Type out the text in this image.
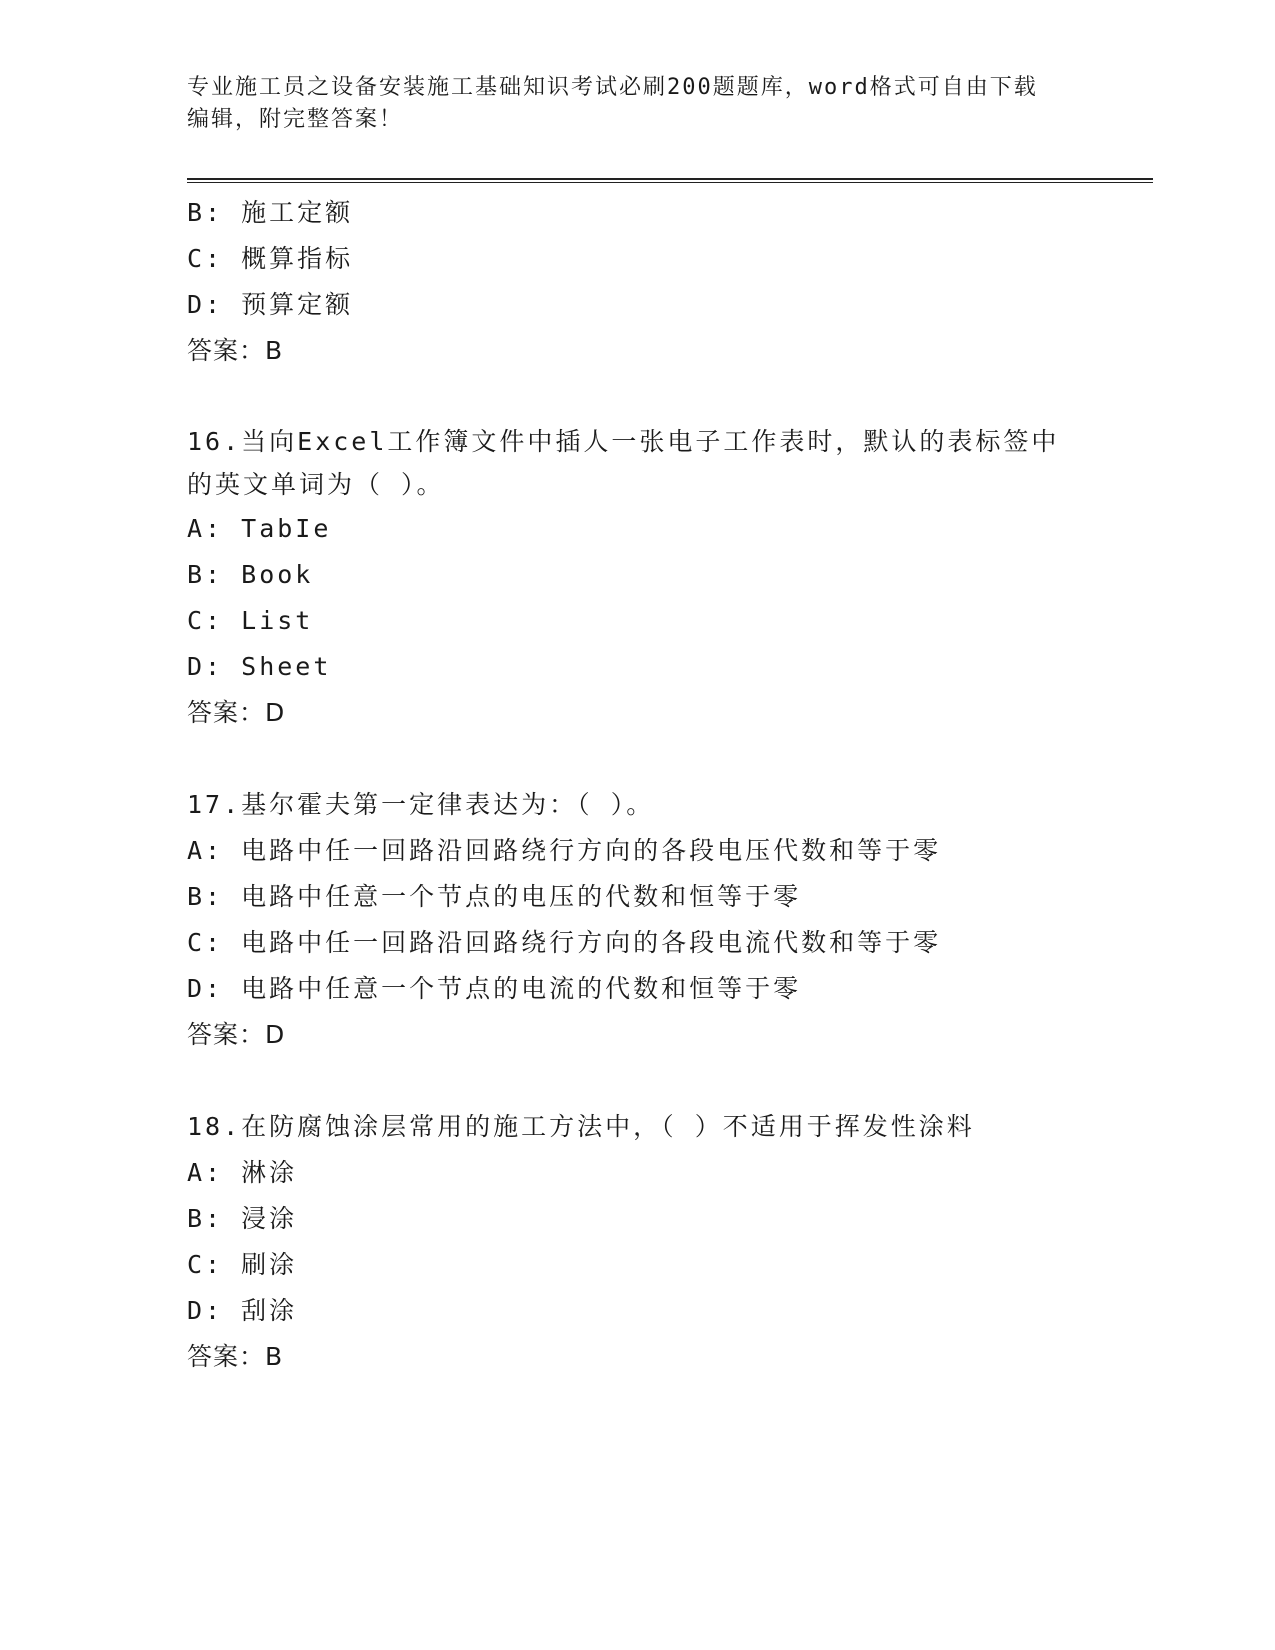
专业施工员之设备安装施工基础知识考试必刷200题题库，word格式可自由下载
编辑，附完整答案！
B: 施工定额
C: 概算指标
D: 预算定额
答案：B
16.当向Excel工作簿文件中插人一张电子工作表时，默认的表标签中
的英文单词为（ ）。
A: TabIe
B: Book
C: List
D: Sheet
答案：D
17.基尔霍夫第一定律表达为：（ ）。
A: 电路中任一回路沿回路绕行方向的各段电压代数和等于零
B: 电路中任意一个节点的电压的代数和恒等于零
C: 电路中任一回路沿回路绕行方向的各段电流代数和等于零
D: 电路中任意一个节点的电流的代数和恒等于零
答案：D
18.在防腐蚀涂层常用的施工方法中，（ ）不适用于挥发性涂料
A: 淋涂
B: 浸涂
C: 刷涂
D: 刮涂
答案：B
